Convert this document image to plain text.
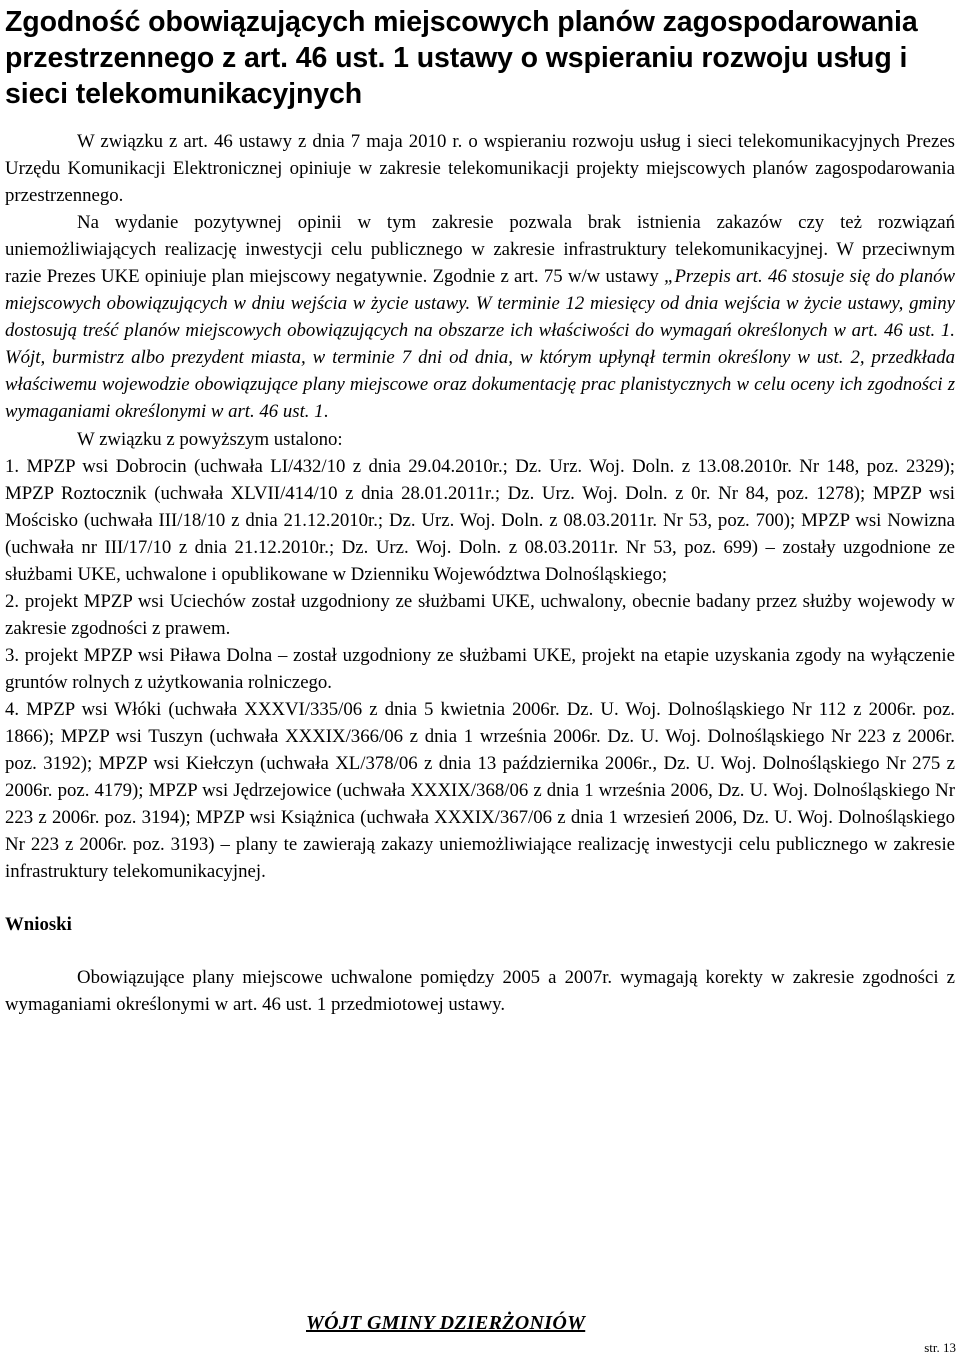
Zgodność obowiązujących miejscowych planów zagospodarowania przestrzennego z art. 46 ust. 1 ustawy o wspieraniu rozwoju usług i sieci telekomunikacyjnych

W związku z art. 46 ustawy z dnia 7 maja 2010 r. o wspieraniu rozwoju usług i sieci telekomunikacyjnych Prezes Urzędu Komunikacji Elektronicznej opiniuje w zakresie telekomunikacji projekty miejscowych planów zagospodarowania przestrzennego.

Na wydanie pozytywnej opinii w tym zakresie pozwala brak istnienia zakazów czy też rozwiązań uniemożliwiających realizację inwestycji celu publicznego w zakresie infrastruktury telekomunikacyjnej. W przeciwnym razie Prezes UKE opiniuje plan miejscowy negatywnie. Zgodnie z art. 75 w/w ustawy „Przepis art. 46 stosuje się do planów miejscowych obowiązujących w dniu wejścia w życie ustawy. W terminie 12 miesięcy od dnia wejścia w życie ustawy, gminy dostosują treść planów miejscowych obowiązujących na obszarze ich właściwości do wymagań określonych w art. 46 ust. 1. Wójt, burmistrz albo prezydent miasta, w terminie 7 dni od dnia, w którym upłynął termin określony w ust. 2, przedkłada właściwemu wojewodzie obowiązujące plany miejscowe oraz dokumentację prac planistycznych w celu oceny ich zgodności z wymaganiami określonymi w art. 46 ust. 1.

W związku z powyższym ustalono:

1. MPZP wsi Dobrocin (uchwała LI/432/10 z dnia 29.04.2010r.; Dz. Urz. Woj. Doln. z 13.08.2010r. Nr 148, poz. 2329); MPZP Roztocznik (uchwała XLVII/414/10 z dnia 28.01.2011r.; Dz. Urz. Woj. Doln. z 0r. Nr 84, poz. 1278); MPZP wsi Mościsko (uchwała III/18/10 z dnia 21.12.2010r.; Dz. Urz. Woj. Doln. z 08.03.2011r. Nr 53, poz. 700); MPZP wsi Nowizna (uchwała nr III/17/10 z dnia 21.12.2010r.; Dz. Urz. Woj. Doln. z 08.03.2011r. Nr 53, poz. 699) – zostały uzgodnione ze służbami UKE, uchwalone i opublikowane w Dzienniku Województwa Dolnośląskiego;

2. projekt MPZP wsi Uciechów został uzgodniony ze służbami UKE, uchwalony, obecnie badany przez służby wojewody w zakresie zgodności z prawem.

3. projekt MPZP wsi Piława Dolna – został uzgodniony ze służbami UKE, projekt na etapie uzyskania zgody na wyłączenie gruntów rolnych z użytkowania rolniczego.

4. MPZP wsi Włóki (uchwała XXXVI/335/06 z dnia 5 kwietnia 2006r. Dz. U. Woj. Dolnośląskiego Nr 112 z 2006r. poz. 1866); MPZP wsi Tuszyn (uchwała XXXIX/366/06 z dnia 1 września 2006r. Dz. U. Woj. Dolnośląskiego Nr 223 z 2006r. poz. 3192); MPZP wsi Kiełczyn (uchwała XL/378/06 z dnia 13 października 2006r., Dz. U. Woj. Dolnośląskiego Nr 275 z 2006r. poz. 4179); MPZP wsi Jędrzejowice (uchwała XXXIX/368/06 z dnia 1 września 2006, Dz. U. Woj. Dolnośląskiego Nr 223 z 2006r. poz. 3194); MPZP wsi Książnica (uchwała XXXIX/367/06 z dnia 1 wrzesień 2006, Dz. U. Woj. Dolnośląskiego Nr 223 z 2006r. poz. 3193) – plany te zawierają zakazy uniemożliwiające realizację inwestycji celu publicznego w zakresie infrastruktury telekomunikacyjnej.

Wnioski

Obowiązujące plany miejscowe uchwalone pomiędzy 2005 a 2007r. wymagają korekty w zakresie zgodności z wymaganiami określonymi w art. 46 ust. 1 przedmiotowej ustawy.

WÓJT GMINY DZIERŻONIÓW
str. 13
